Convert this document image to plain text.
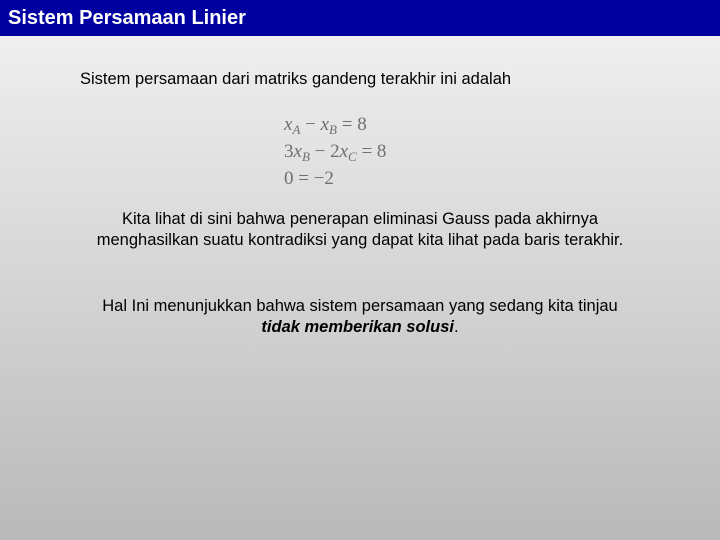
Sistem Persamaan Linier
Sistem persamaan dari matriks gandeng terakhir ini adalah
$x_A - x_B = 8$
$3x_B - 2x_C = 8$
0 = −2
Kita lihat di sini bahwa penerapan eliminasi Gauss pada akhirnya menghasilkan suatu kontradiksi yang dapat kita lihat pada baris terakhir.
Hal Ini menunjukkan bahwa sistem persamaan yang sedang kita tinjau
tidak memberikan solusi.
